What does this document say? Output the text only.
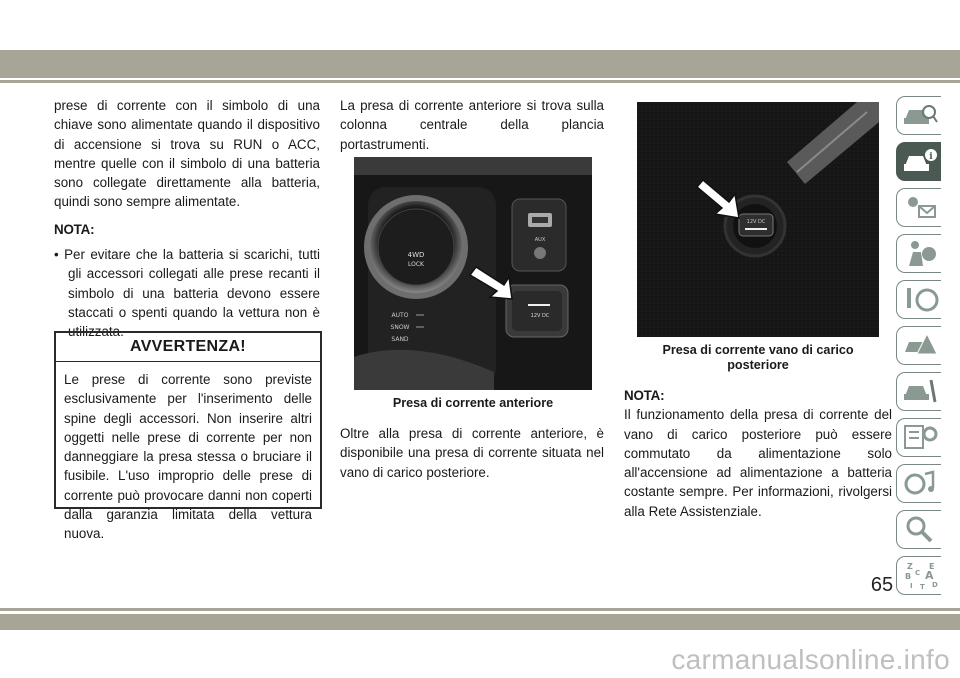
prese di corrente con il simbolo di una chiave sono alimentate quando il dispositivo di accensione si trova su RUN o ACC, mentre quelle con il simbolo di una batteria sono collegate direttamente alla batteria, quindi sono sempre alimentate.

NOTA:

• Per evitare che la batteria si scarichi, tutti gli accessori collegati alle prese recanti il simbolo di una batteria devono essere staccati o spenti quando la vettura non è utilizzata.

AVVERTENZA!
Le prese di corrente sono previste esclusivamente per l'inserimento delle spine degli accessori. Non inserire altri oggetti nelle prese di corrente per non danneggiare la presa stessa o bruciare il fusibile. L'uso improprio delle prese di corrente può provocare danni non coperti dalla garanzia limitata della vettura nuova.

La presa di corrente anteriore si trova sulla colonna centrale della plancia portastrumenti.

4WD
LOCK
AUTO
SNOW
SAND
AUX
12V DC
Presa di corrente anteriore

Oltre alla presa di corrente anteriore, è disponibile una presa di corrente situata nel vano di carico posteriore.

12V DC
Presa di corrente vano di carico posteriore

NOTA:

Il funzionamento della presa di corrente del vano di carico posteriore può essere commutato da alimentazione solo all'accensione ad alimentazione a batteria costante sempre. Per informazioni, rivolgersi alla Rete Assistenziale.

i
Z E
B A
C
D
I T
65
carmanualsonline.info
